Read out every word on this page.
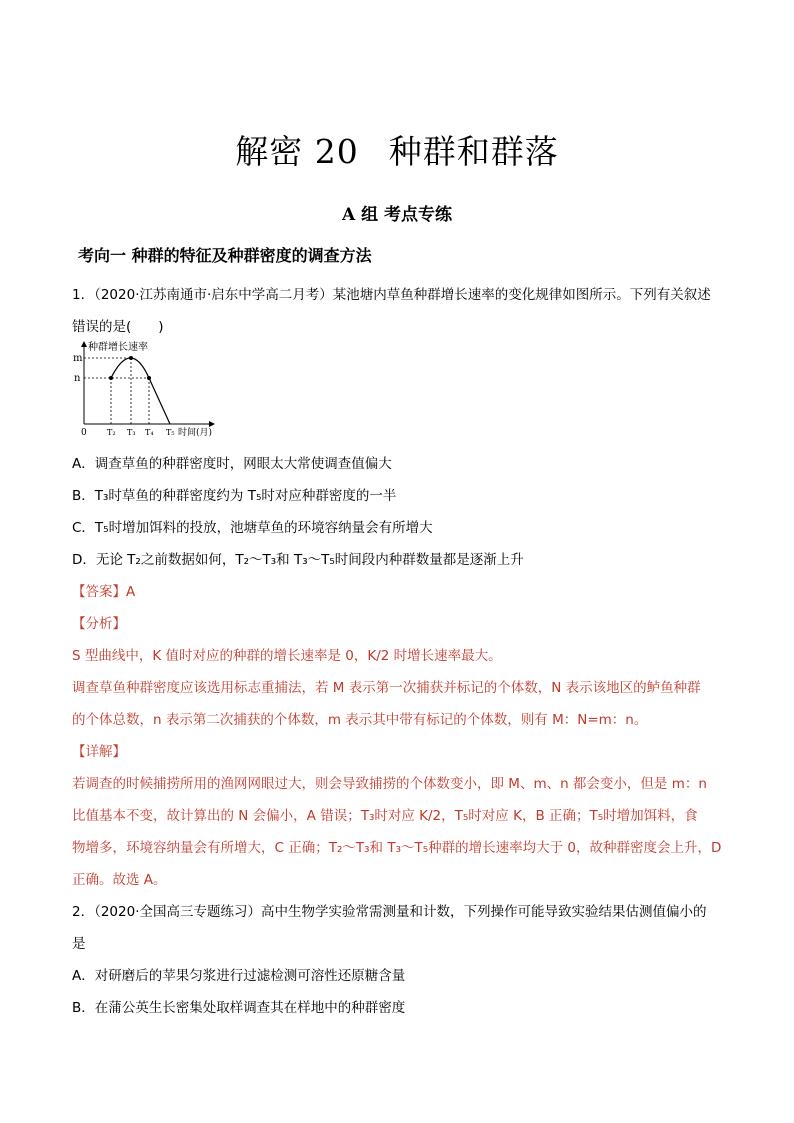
解密 20 种群和群落
A 组 考点专练
考向一 种群的特征及种群密度的调查方法
1．（2020·江苏南通市·启东中学高二月考）某池塘内草鱼种群增长速率的变化规律如图所示。下列有关叙述
错误的是(　　)
种群增长速率
m
n
0	T₂ T₃ T₄ T₅ 时间(月)
A．调查草鱼的种群密度时，网眼太大常使调查值偏大
B．T₃时草鱼的种群密度约为 T₅时对应种群密度的一半
C．T₅时增加饵料的投放，池塘草鱼的环境容纳量会有所增大
D．无论 T₂之前数据如何，T₂～T₃和 T₃～T₅时间段内种群数量都是逐渐上升
【答案】A
【分析】
S 型曲线中，K 值时对应的种群的增长速率是 0，K/2 时增长速率最大。
调查草鱼种群密度应该选用标志重捕法，若 M 表示第一次捕获并标记的个体数，N 表示该地区的鲈鱼种群
的个体总数，n 表示第二次捕获的个体数，m 表示其中带有标记的个体数，则有 M：N=m：n。
【详解】
若调查的时候捕捞所用的渔网网眼过大，则会导致捕捞的个体数变小，即 M、m、n 都会变小，但是 m：n
比值基本不变，故计算出的 N 会偏小，A 错误；T₃时对应 K/2，T₅时对应 K，B 正确；T₅时增加饵料，食
物增多，环境容纳量会有所增大，C 正确；T₂～T₃和 T₃～T₅种群的增长速率均大于 0，故种群密度会上升，D
正确。故选 A。
2．（2020·全国高三专题练习）高中生物学实验常需测量和计数，下列操作可能导致实验结果估测值偏小的
是
A．对研磨后的苹果匀浆进行过滤检测可溶性还原糖含量
B．在蒲公英生长密集处取样调查其在样地中的种群密度
